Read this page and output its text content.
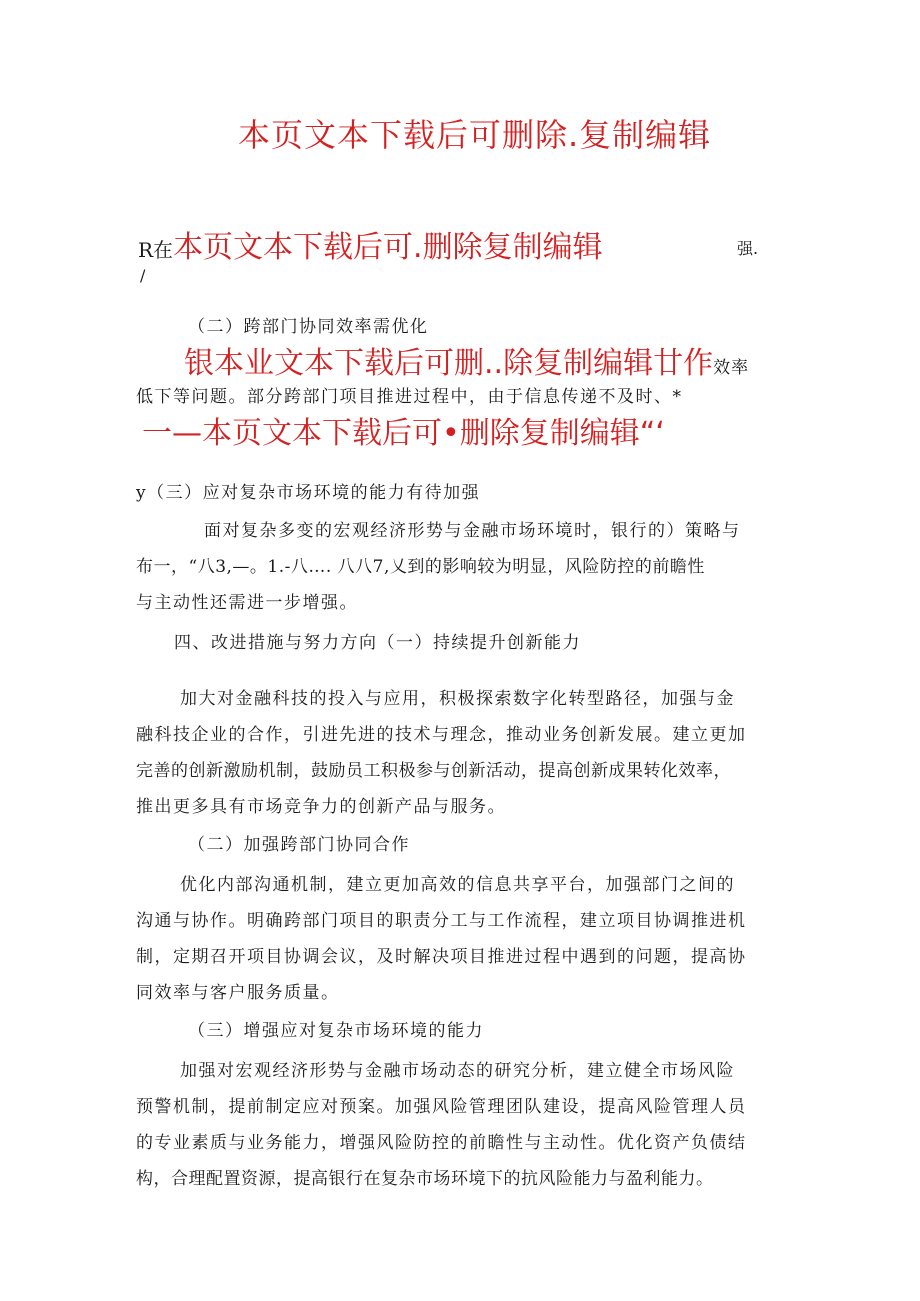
本页文本下载后可删除.复制编辑
R在本页文本下载后可.删除复制编辑	强.
/
（二）跨部门协同效率需优化
银本业文本下载后可删..除复制编辑廿作效率
低下等问题。部分跨部门项目推进过程中，由于信息传递不及时、*
一—本页文本下载后可•删除复制编辑“‘
y（三）应对复杂市场环境的能力有待加强
面对复杂多变的宏观经济形势与金融市场环境时，银行的）策略与
布一，“八3,—。1.-八…. 八八7,乂到的影响较为明显，风险防控的前瞻性
与主动性还需进一步增强。
四、改进措施与努力方向（一）持续提升创新能力
加大对金融科技的投入与应用，积极探索数字化转型路径，加强与金
融科技企业的合作，引进先进的技术与理念，推动业务创新发展。建立更加
完善的创新激励机制，鼓励员工积极参与创新活动，提高创新成果转化效率，
推出更多具有市场竞争力的创新产品与服务。
（二）加强跨部门协同合作
优化内部沟通机制，建立更加高效的信息共享平台，加强部门之间的
沟通与协作。明确跨部门项目的职责分工与工作流程，建立项目协调推进机
制，定期召开项目协调会议，及时解决项目推进过程中遇到的问题，提高协
同效率与客户服务质量。
（三）增强应对复杂市场环境的能力
加强对宏观经济形势与金融市场动态的研究分析，建立健全市场风险
预警机制，提前制定应对预案。加强风险管理团队建设，提高风险管理人员
的专业素质与业务能力，增强风险防控的前瞻性与主动性。优化资产负债结
构，合理配置资源，提高银行在复杂市场环境下的抗风险能力与盈利能力。
